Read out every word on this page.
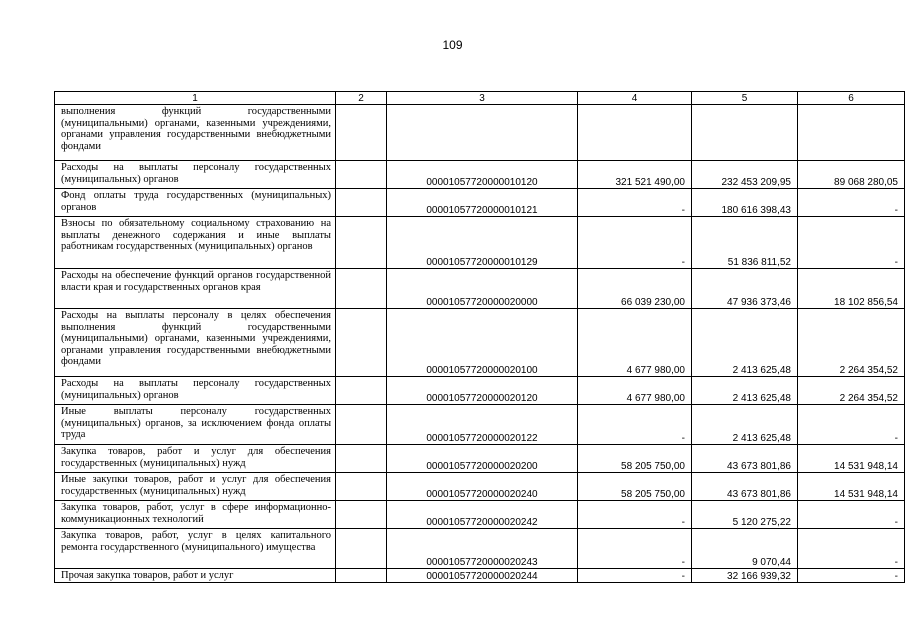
109
1	2	3	4	5	6
выполнения функций государственными (муниципальными) органами, казенными учреждениями, органами управления государственными внебюджетными фондами					
Расходы на выплаты персоналу государственных (муниципальных) органов		00001057720000010120	321 521 490,00	232 453 209,95	89 068 280,05
Фонд оплаты труда государственных (муниципальных) органов		00001057720000010121	-	180 616 398,43	-
Взносы по обязательному социальному страхованию на выплаты денежного содержания и иные выплаты работникам государственных (муниципальных) органов		00001057720000010129	-	51 836 811,52	-
Расходы на обеспечение функций органов государственной власти края и государственных органов края		00001057720000020000	66 039 230,00	47 936 373,46	18 102 856,54
Расходы на выплаты персоналу в целях обеспечения выполнения функций государственными (муниципальными) органами, казенными учреждениями, органами управления государственными внебюджетными фондами		00001057720000020100	4 677 980,00	2 413 625,48	2 264 354,52
Расходы на выплаты персоналу государственных (муниципальных) органов		00001057720000020120	4 677 980,00	2 413 625,48	2 264 354,52
Иные выплаты персоналу государственных (муниципальных) органов, за исключением фонда оплаты труда		00001057720000020122	-	2 413 625,48	-
Закупка товаров, работ и услуг для обеспечения государственных (муниципальных) нужд		00001057720000020200	58 205 750,00	43 673 801,86	14 531 948,14
Иные закупки товаров, работ и услуг для обеспечения государственных (муниципальных) нужд		00001057720000020240	58 205 750,00	43 673 801,86	14 531 948,14
Закупка товаров, работ, услуг в сфере информационно-коммуникационных технологий		00001057720000020242	-	5 120 275,22	-
Закупка товаров, работ, услуг в целях капитального ремонта государственного (муниципального) имущества		00001057720000020243	-	9 070,44	-
Прочая закупка товаров, работ и услуг		00001057720000020244	-	32 166 939,32	-
